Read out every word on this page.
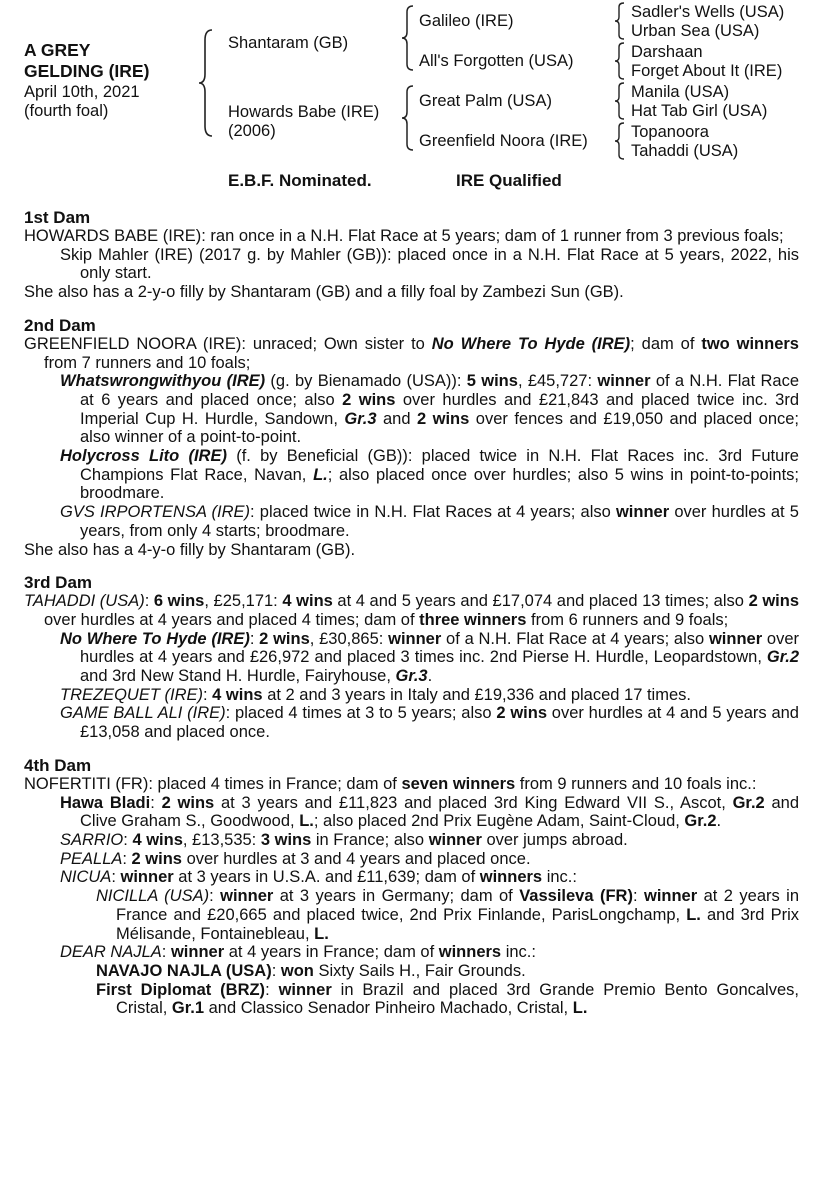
A GREY
GELDING (IRE)
April 10th, 2021
(fourth foal)
Shantaram (GB)
Howards Babe (IRE)
(2006)
Galileo (IRE)
All's Forgotten (USA)
Great Palm (USA)
Greenfield Noora (IRE)
Sadler's Wells (USA)
Urban Sea (USA)
Darshaan
Forget About It (IRE)
Manila (USA)
Hat Tab Girl (USA)
Topanoora
Tahaddi (USA)
E.B.F. Nominated.	IRE Qualified
1st Dam
HOWARDS BABE (IRE): ran once in a N.H. Flat Race at 5 years; dam of 1 runner from 3 previous foals;
Skip Mahler (IRE) (2017 g. by Mahler (GB)): placed once in a N.H. Flat Race at 5 years, 2022, his only start.
She also has a 2-y-o filly by Shantaram (GB) and a filly foal by Zambezi Sun (GB).
2nd Dam
GREENFIELD NOORA (IRE): unraced; Own sister to No Where To Hyde (IRE); dam of two winners from 7 runners and 10 foals;
Whatswrongwithyou (IRE) (g. by Bienamado (USA)): 5 wins, £45,727: winner of a N.H. Flat Race at 6 years and placed once; also 2 wins over hurdles and £21,843 and placed twice inc. 3rd Imperial Cup H. Hurdle, Sandown, Gr.3 and 2 wins over fences and £19,050 and placed once; also winner of a point-to-point.
Holycross Lito (IRE) (f. by Beneficial (GB)): placed twice in N.H. Flat Races inc. 3rd Future Champions Flat Race, Navan, L.; also placed once over hurdles; also 5 wins in point-to-points; broodmare.
GVS IRPORTENSA (IRE): placed twice in N.H. Flat Races at 4 years; also winner over hurdles at 5 years, from only 4 starts; broodmare.
She also has a 4-y-o filly by Shantaram (GB).
3rd Dam
TAHADDI (USA): 6 wins, £25,171: 4 wins at 4 and 5 years and £17,074 and placed 13 times; also 2 wins over hurdles at 4 years and placed 4 times; dam of three winners from 6 runners and 9 foals;
No Where To Hyde (IRE): 2 wins, £30,865: winner of a N.H. Flat Race at 4 years; also winner over hurdles at 4 years and £26,972 and placed 3 times inc. 2nd Pierse H. Hurdle, Leopardstown, Gr.2 and 3rd New Stand H. Hurdle, Fairyhouse, Gr.3.
TREZEQUET (IRE): 4 wins at 2 and 3 years in Italy and £19,336 and placed 17 times.
GAME BALL ALI (IRE): placed 4 times at 3 to 5 years; also 2 wins over hurdles at 4 and 5 years and £13,058 and placed once.
4th Dam
NOFERTITI (FR): placed 4 times in France; dam of seven winners from 9 runners and 10 foals inc.:
Hawa Bladi: 2 wins at 3 years and £11,823 and placed 3rd King Edward VII S., Ascot, Gr.2 and Clive Graham S., Goodwood, L.; also placed 2nd Prix Eugène Adam, Saint-Cloud, Gr.2.
SARRIO: 4 wins, £13,535: 3 wins in France; also winner over jumps abroad.
PEALLA: 2 wins over hurdles at 3 and 4 years and placed once.
NICUA: winner at 3 years in U.S.A. and £11,639; dam of winners inc.:
NICILLA (USA): winner at 3 years in Germany; dam of Vassileva (FR): winner at 2 years in France and £20,665 and placed twice, 2nd Prix Finlande, ParisLongchamp, L. and 3rd Prix Mélisande, Fontainebleau, L.
DEAR NAJLA: winner at 4 years in France; dam of winners inc.:
NAVAJO NAJLA (USA): won Sixty Sails H., Fair Grounds.
First Diplomat (BRZ): winner in Brazil and placed 3rd Grande Premio Bento Goncalves, Cristal, Gr.1 and Classico Senador Pinheiro Machado, Cristal, L.
